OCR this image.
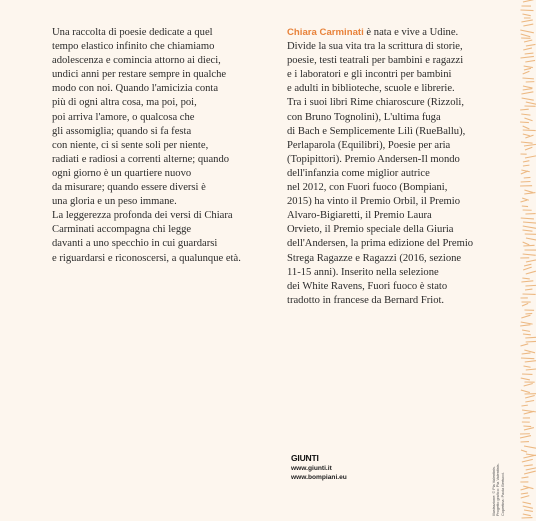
Una raccolta di poesie dedicate a quel
tempo elastico infinito che chiamiamo
adolescenza e comincia attorno ai dieci,
undici anni per restare sempre in qualche
modo con noi. Quando l'amicizia conta
più di ogni altra cosa, ma poi, poi,
poi arriva l'amore, o qualcosa che
gli assomiglia; quando si fa festa
con niente, ci si sente soli per niente,
radiati e radiosi a correnti alterne; quando
ogni giorno è un quartiere nuovo
da misurare; quando essere diversi è
una gloria e un peso immane.
La leggerezza profonda dei versi di Chiara
Carminati accompagna chi legge
davanti a uno specchio in cui guardarsi
e riguardarsi e riconoscersi, a qualunque età.
Chiara Carminati è nata e vive a Udine.
Divide la sua vita tra la scrittura di storie,
poesie, testi teatrali per bambini e ragazzi
e i laboratori e gli incontri per bambini
e adulti in biblioteche, scuole e librerie.
Tra i suoi libri Rime chiaroscure (Rizzoli,
con Bruno Tognolini), L'ultima fuga
di Bach e Semplicemente Lilì (RueBallu),
Perlaparola (Equilibri), Poesie per aria
(Topipittori). Premio Andersen-Il mondo
dell'infanzia come miglior autrice
nel 2012, con Fuori fuoco (Bompiani,
2015) ha vinto il Premio Orbil, il Premio
Alvaro-Bigiaretti, il Premio Laura
Orvieto, il Premio speciale della Giuria
dell'Andersen, la prima edizione del Premio
Strega Ragazze e Ragazzi (2016, sezione
11-15 anni). Inserito nella selezione
dei White Ravens, Fuori fuoco è stato
tradotto in francese da Bernard Friot.
GIUNTI
www.giunti.it
www.bompiani.eu	Illustrazione: © Pia Valentinis. Progetto grafico: Pia Valentinis. Copertina: Paola Bertucci.
